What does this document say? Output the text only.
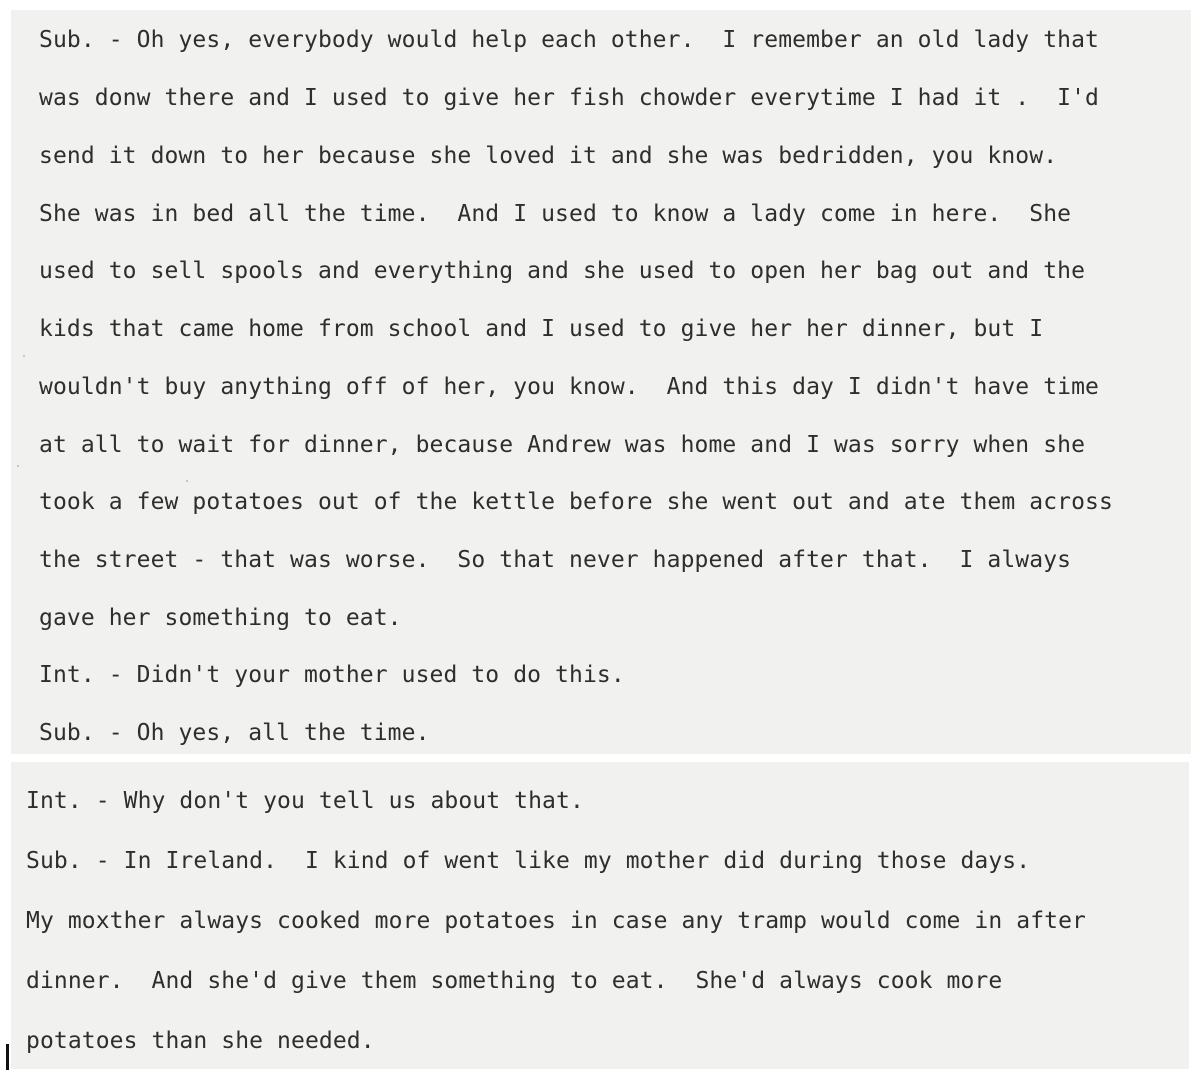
Sub. - Oh yes, everybody would help each other.  I remember an old lady that
was donw there and I used to give her fish chowder everytime I had it .  I'd
send it down to her because she loved it and she was bedridden, you know.
She was in bed all the time.  And I used to know a lady come in here.  She
used to sell spools and everything and she used to open her bag out and the
kids that came home from school and I used to give her her dinner, but I
wouldn't buy anything off of her, you know.  And this day I didn't have time
at all to wait for dinner, because Andrew was home and I was sorry when she
took a few potatoes out of the kettle before she went out and ate them across
the street - that was worse.  So that never happened after that.  I always
gave her something to eat.
Int. - Didn't your mother used to do this.
Sub. - Oh yes, all the time.
Int. - Why don't you tell us about that.
Sub. - In Ireland.  I kind of went like my mother did during those days.
My moxther always cooked more potatoes in case any tramp would come in after
dinner.  And she'd give them something to eat.  She'd always cook more
potatoes than she needed.
